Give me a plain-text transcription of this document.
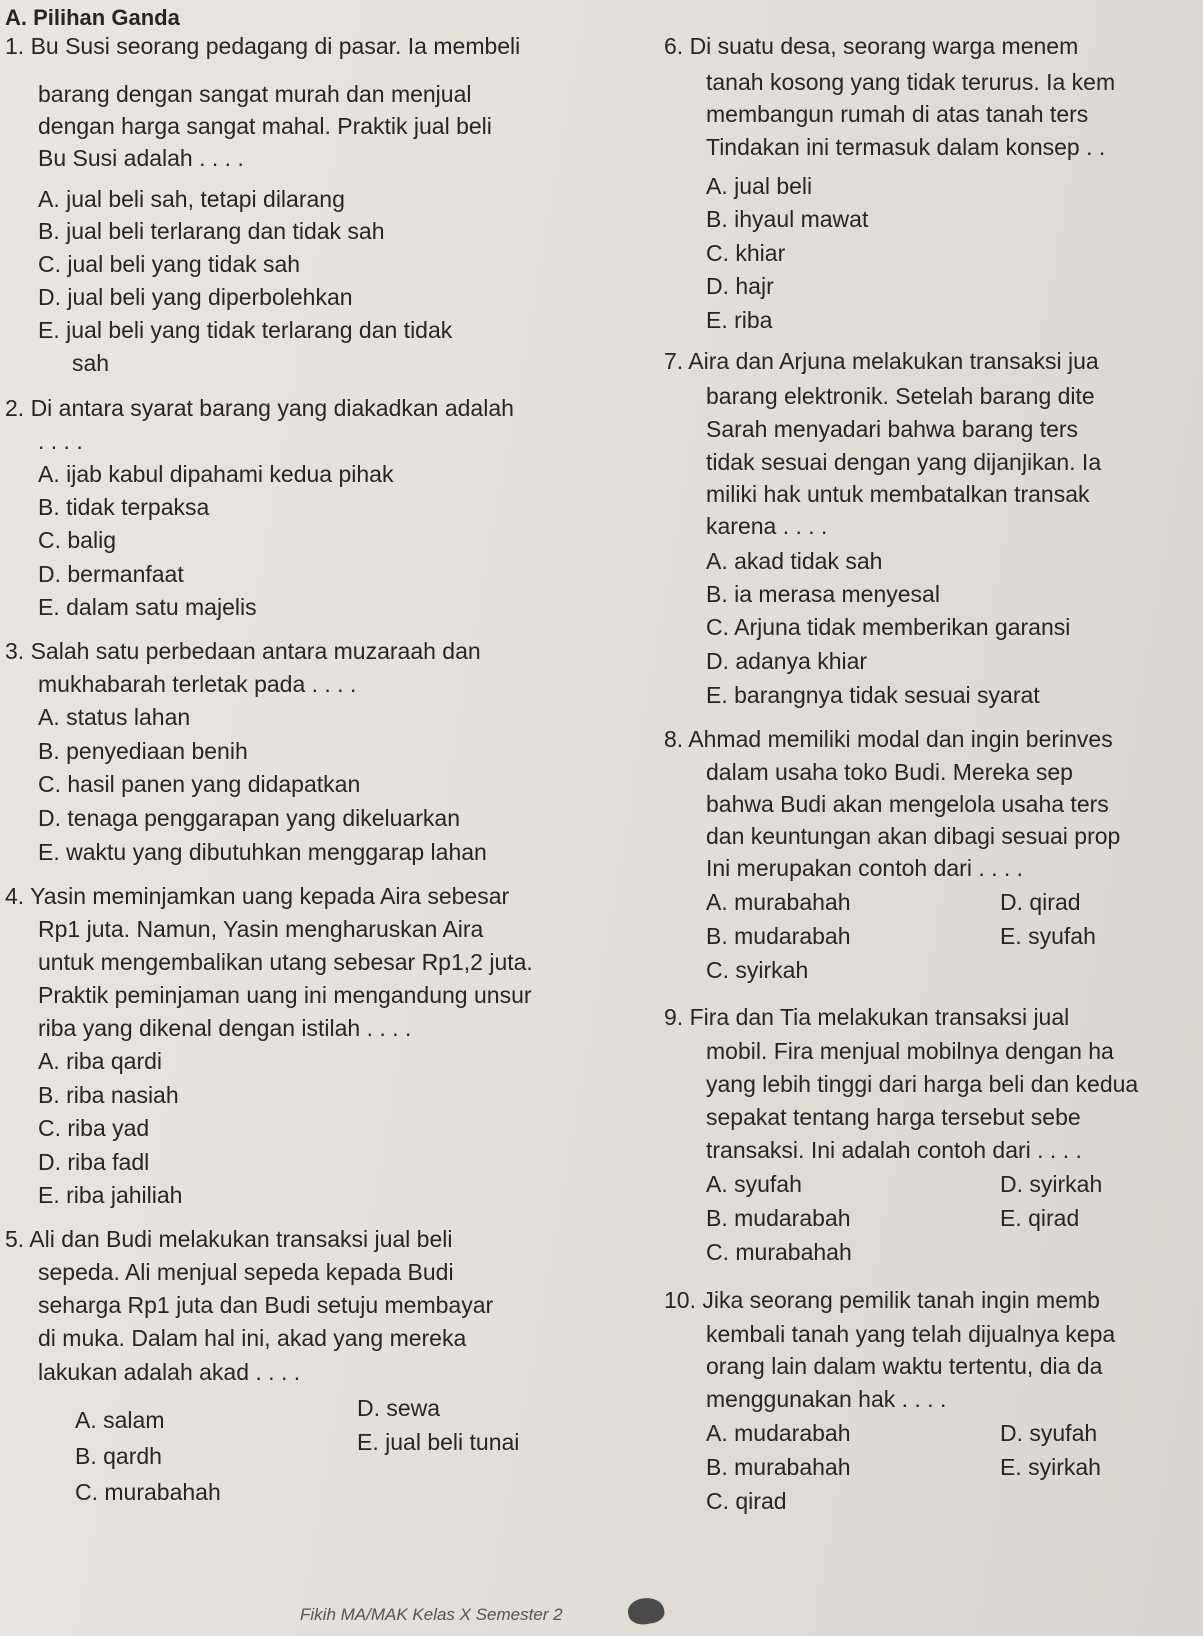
A. Pilihan Ganda
1. Bu Susi seorang pedagang di pasar. Ia membeli
barang dengan sangat murah dan menjual
dengan harga sangat mahal. Praktik jual beli
Bu Susi adalah . . . .
A. jual beli sah, tetapi dilarang
B. jual beli terlarang dan tidak sah
C. jual beli yang tidak sah
D. jual beli yang diperbolehkan
E. jual beli yang tidak terlarang dan tidak
sah
2. Di antara syarat barang yang diakadkan adalah
. . . .
A. ijab kabul dipahami kedua pihak
B. tidak terpaksa
C. balig
D. bermanfaat
E. dalam satu majelis
3. Salah satu perbedaan antara muzaraah dan
mukhabarah terletak pada . . . .
A. status lahan
B. penyediaan benih
C. hasil panen yang didapatkan
D. tenaga penggarapan yang dikeluarkan
E. waktu yang dibutuhkan menggarap lahan
4. Yasin meminjamkan uang kepada Aira sebesar
Rp1 juta. Namun, Yasin mengharuskan Aira
untuk mengembalikan utang sebesar Rp1,2 juta.
Praktik peminjaman uang ini mengandung unsur
riba yang dikenal dengan istilah . . . .
A. riba qardi
B. riba nasiah
C. riba yad
D. riba fadl
E. riba jahiliah
5. Ali dan Budi melakukan transaksi jual beli
sepeda. Ali menjual sepeda kepada Budi
seharga Rp1 juta dan Budi setuju membayar
di muka. Dalam hal ini, akad yang mereka
lakukan adalah akad . . . .
A. salam	D. sewa
B. qardh
E. jual beli tunai
C. murabahah
6. Di suatu desa, seorang warga menem
tanah kosong yang tidak terurus. Ia kem
membangun rumah di atas tanah ters
Tindakan ini termasuk dalam konsep . .
A. jual beli
B. ihyaul mawat
C. khiar
D. hajr
E. riba
7. Aira dan Arjuna melakukan transaksi jua
barang elektronik. Setelah barang dite
Sarah menyadari bahwa barang ters
tidak sesuai dengan yang dijanjikan. Ia
miliki hak untuk membatalkan transak
karena . . . .
A. akad tidak sah
B. ia merasa menyesal
C. Arjuna tidak memberikan garansi
D. adanya khiar
E. barangnya tidak sesuai syarat
8. Ahmad memiliki modal dan ingin berinves
dalam usaha toko Budi. Mereka sep
bahwa Budi akan mengelola usaha ters
dan keuntungan akan dibagi sesuai prop
Ini merupakan contoh dari . . . .
A. murabahah	D. qirad
B. mudarabah	E. syufah
C. syirkah
9. Fira dan Tia melakukan transaksi jual
mobil. Fira menjual mobilnya dengan ha
yang lebih tinggi dari harga beli dan kedua
sepakat tentang harga tersebut sebe
transaksi. Ini adalah contoh dari . . . .
A. syufah	D. syirkah
B. mudarabah	E. qirad
C. murabahah
10. Jika seorang pemilik tanah ingin memb
kembali tanah yang telah dijualnya kepa
orang lain dalam waktu tertentu, dia da
menggunakan hak . . . .
A. mudarabah	D. syufah
B. murabahah	E. syirkah
C. qirad
Fikih MA/MAK Kelas X Semester 2
